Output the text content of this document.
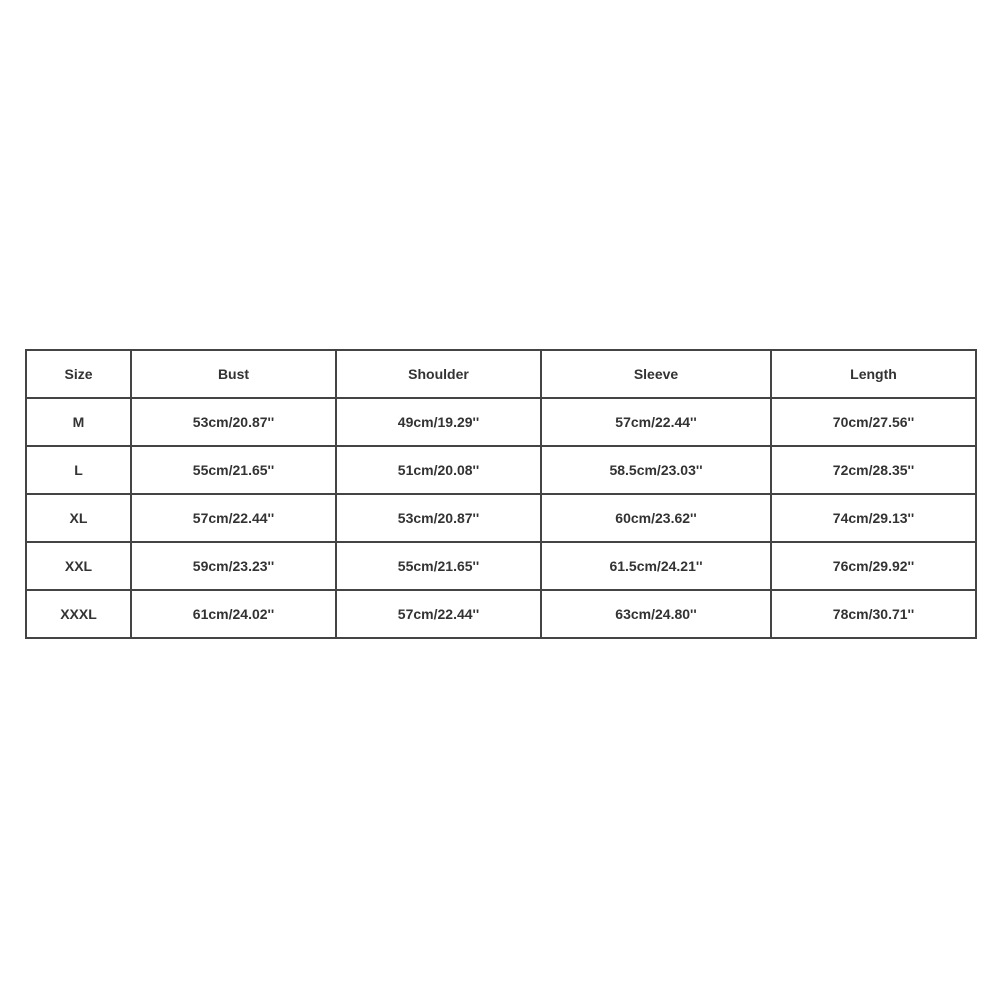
Size	Bust	Shoulder	Sleeve	Length
M	53cm/20.87''	49cm/19.29''	57cm/22.44''	70cm/27.56''
L	55cm/21.65''	51cm/20.08''	58.5cm/23.03''	72cm/28.35''
XL	57cm/22.44''	53cm/20.87''	60cm/23.62''	74cm/29.13''
XXL	59cm/23.23''	55cm/21.65''	61.5cm/24.21''	76cm/29.92''
XXXL	61cm/24.02''	57cm/22.44''	63cm/24.80''	78cm/30.71''
